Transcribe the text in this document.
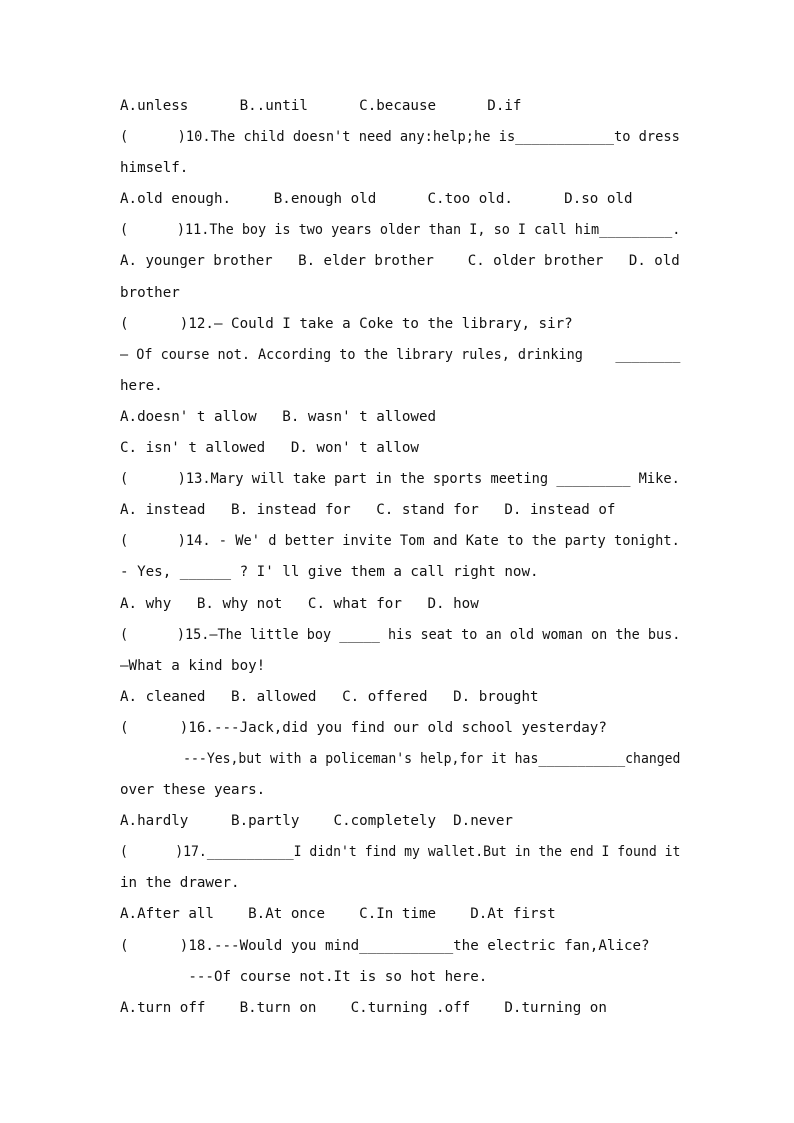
A.unless      B..until      C.because      D.if
(      )10.The child doesn't need any:help;he is____________to dress
himself.
A.old enough.     B.enough old      C.too old.      D.so old
(      )11.The boy is two years older than I, so I call him_________.
A. younger brother   B. elder brother    C. older brother   D. old
brother
(      )12.— Could I take a Coke to the library, sir?
— Of course not. According to the library rules, drinking    ________
here.
A.doesn' t allow   B. wasn' t allowed
C. isn' t allowed   D. won' t allow
(      )13.Mary will take part in the sports meeting _________ Mike.
A. instead   B. instead for   C. stand for   D. instead of
(      )14. - We' d better invite Tom and Kate to the party tonight.
- Yes, ______ ? I' ll give them a call right now.
A. why   B. why not   C. what for   D. how
(      )15.—The little boy _____ his seat to an old woman on the bus.
—What a kind boy!
A. cleaned   B. allowed   C. offered   D. brought
(      )16.---Jack,did you find our old school yesterday?
---Yes,but with a policeman's help,for it has___________changed
over these years.
A.hardly     B.partly    C.completely  D.never
(      )17.___________I didn't find my wallet.But in the end I found it
in the drawer.
A.After all    B.At once    C.In time    D.At first
(      )18.---Would you mind___________the electric fan,Alice?
---Of course not.It is so hot here.
A.turn off    B.turn on    C.turning .off    D.turning on
